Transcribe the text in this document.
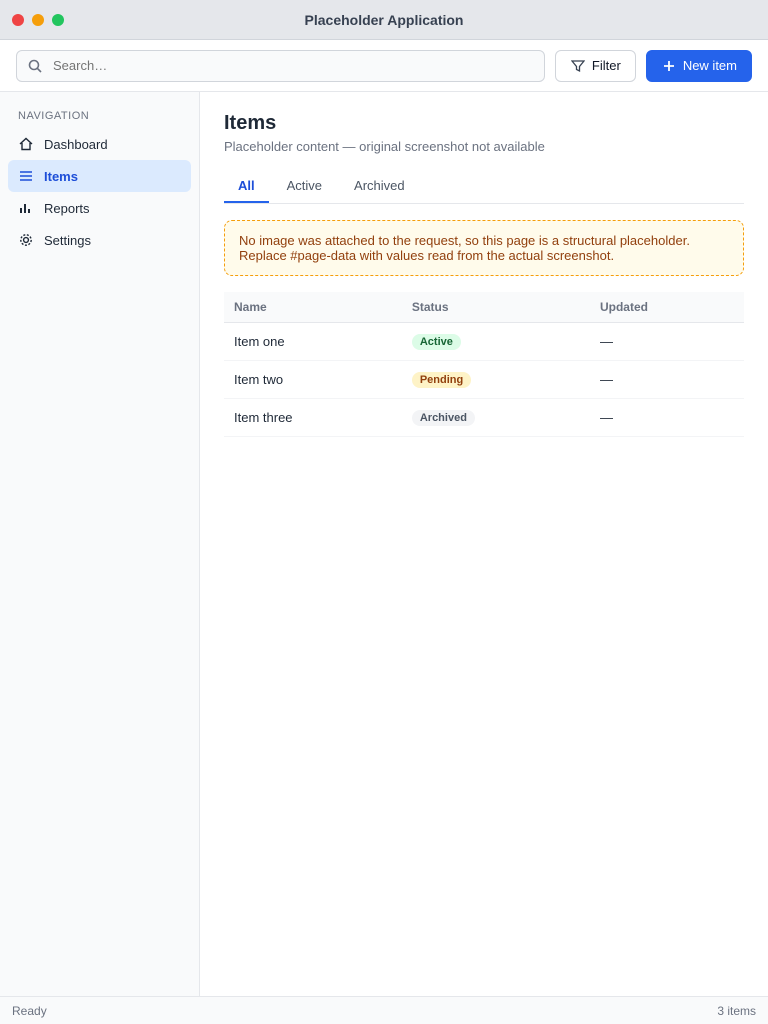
Placeholder Application
Search…
Filter	New item
NAVIGATION
Dashboard
Items
Reports
Settings
Items
Placeholder content — original screenshot not available
All	Active	Archived
No image was attached to the request, so this page is a structural placeholder. Replace #page-data with values read from the actual screenshot.
Name	Status	Updated
Item one	Active	—
Item two	Pending	—
Item three	Archived	—
Ready	3 items
